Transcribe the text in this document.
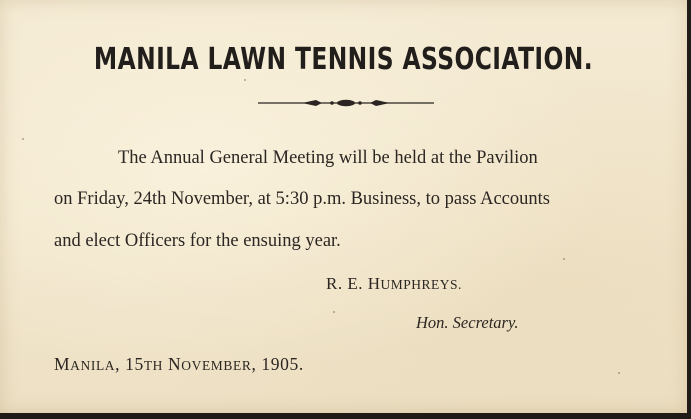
MANILA LAWN TENNIS ASSOCIATION.
The Annual General Meeting will be held at the Pavilion
on Friday, 24th November, at 5:30 p.m. Business, to pass Accounts
and elect Officers for the ensuing year.
R. E. HUMPHREYS.
Hon. Secretary.
MANILA, 15TH NOVEMBER, 1905.
